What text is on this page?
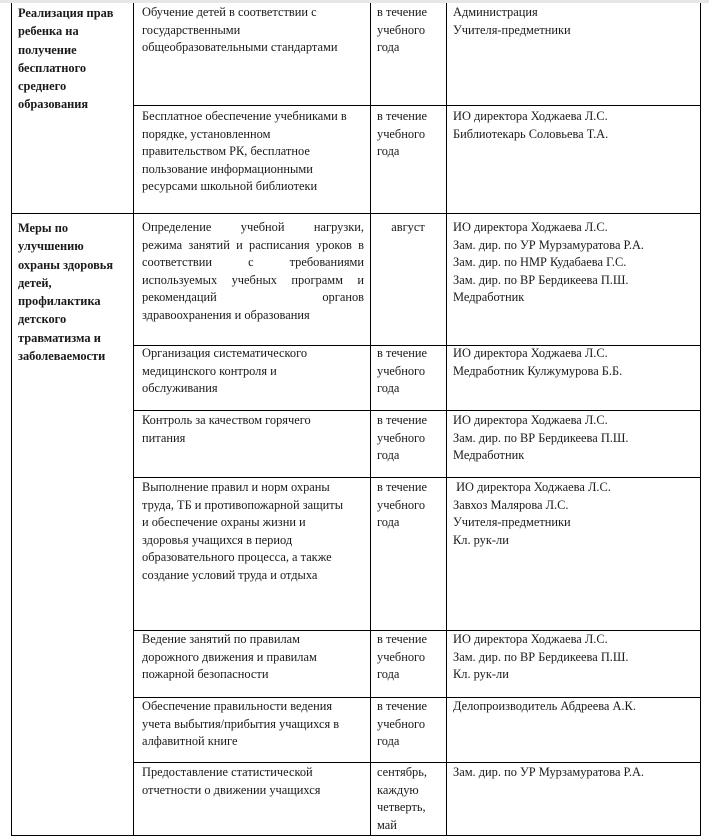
Реализация прав
ребенка на
получение
бесплатного
среднего
образования
Обучение детей в соответствии с
государственными
общеобразовательными стандартами
в течение
учебного
года
Администрация
Учителя-предметники
Бесплатное обеспечение учебниками в
порядке, установленном
правительством РК, бесплатное
пользование информационными
ресурсами школьной библиотеки
в течение
учебного
года
ИО директора Ходжаева Л.С.
Библиотекарь Соловьева Т.А.
Меры по
улучшению
охраны здоровья
детей,
профилактика
детского
травматизма и
заболеваемости
Определение учебной нагрузки,
режима занятий и расписания уроков в
соответствии с требованиями
используемых учебных программ и
рекомендаций органов
здравоохранения и образования
август	ИО директора Ходжаева Л.С.
Зам. дир. по УР Мурзамуратова Р.А.
Зам. дир. по НМР Кудабаева Г.С.
Зам. дир. по ВР Бердикеева П.Ш.
Медработник
Организация систематического
медицинского контроля и
обслуживания
в течение
учебного
года
ИО директора Ходжаева Л.С.
Медработник Кулжумурова Б.Б.
Контроль за качеством горячего
питания
в течение
учебного
года
ИО директора Ходжаева Л.С.
Зам. дир. по ВР Бердикеева П.Ш.
Медработник
Выполнение правил и норм охраны
труда, ТБ и противопожарной защиты
и обеспечение охраны жизни и
здоровья учащихся в период
образовательного процесса, а также
создание условий труда и отдыха
в течение
учебного
года
ИО директора Ходжаева Л.С.
Завхоз Малярова Л.С.
Учителя-предметники
Кл. рук-ли
Ведение занятий по правилам
дорожного движения и правилам
пожарной безопасности
в течение
учебного
года
ИО директора Ходжаева Л.С.
Зам. дир. по ВР Бердикеева П.Ш.
Кл. рук-ли
Обеспечение правильности ведения
учета выбытия/прибытия учащихся в
алфавитной книге
в течение
учебного
года
Делопроизводитель Абдреева А.К.
Предоставление статистической
отчетности о движении учащихся
сентябрь,
каждую
четверть,
май
Зам. дир. по УР Мурзамуратова Р.А.
